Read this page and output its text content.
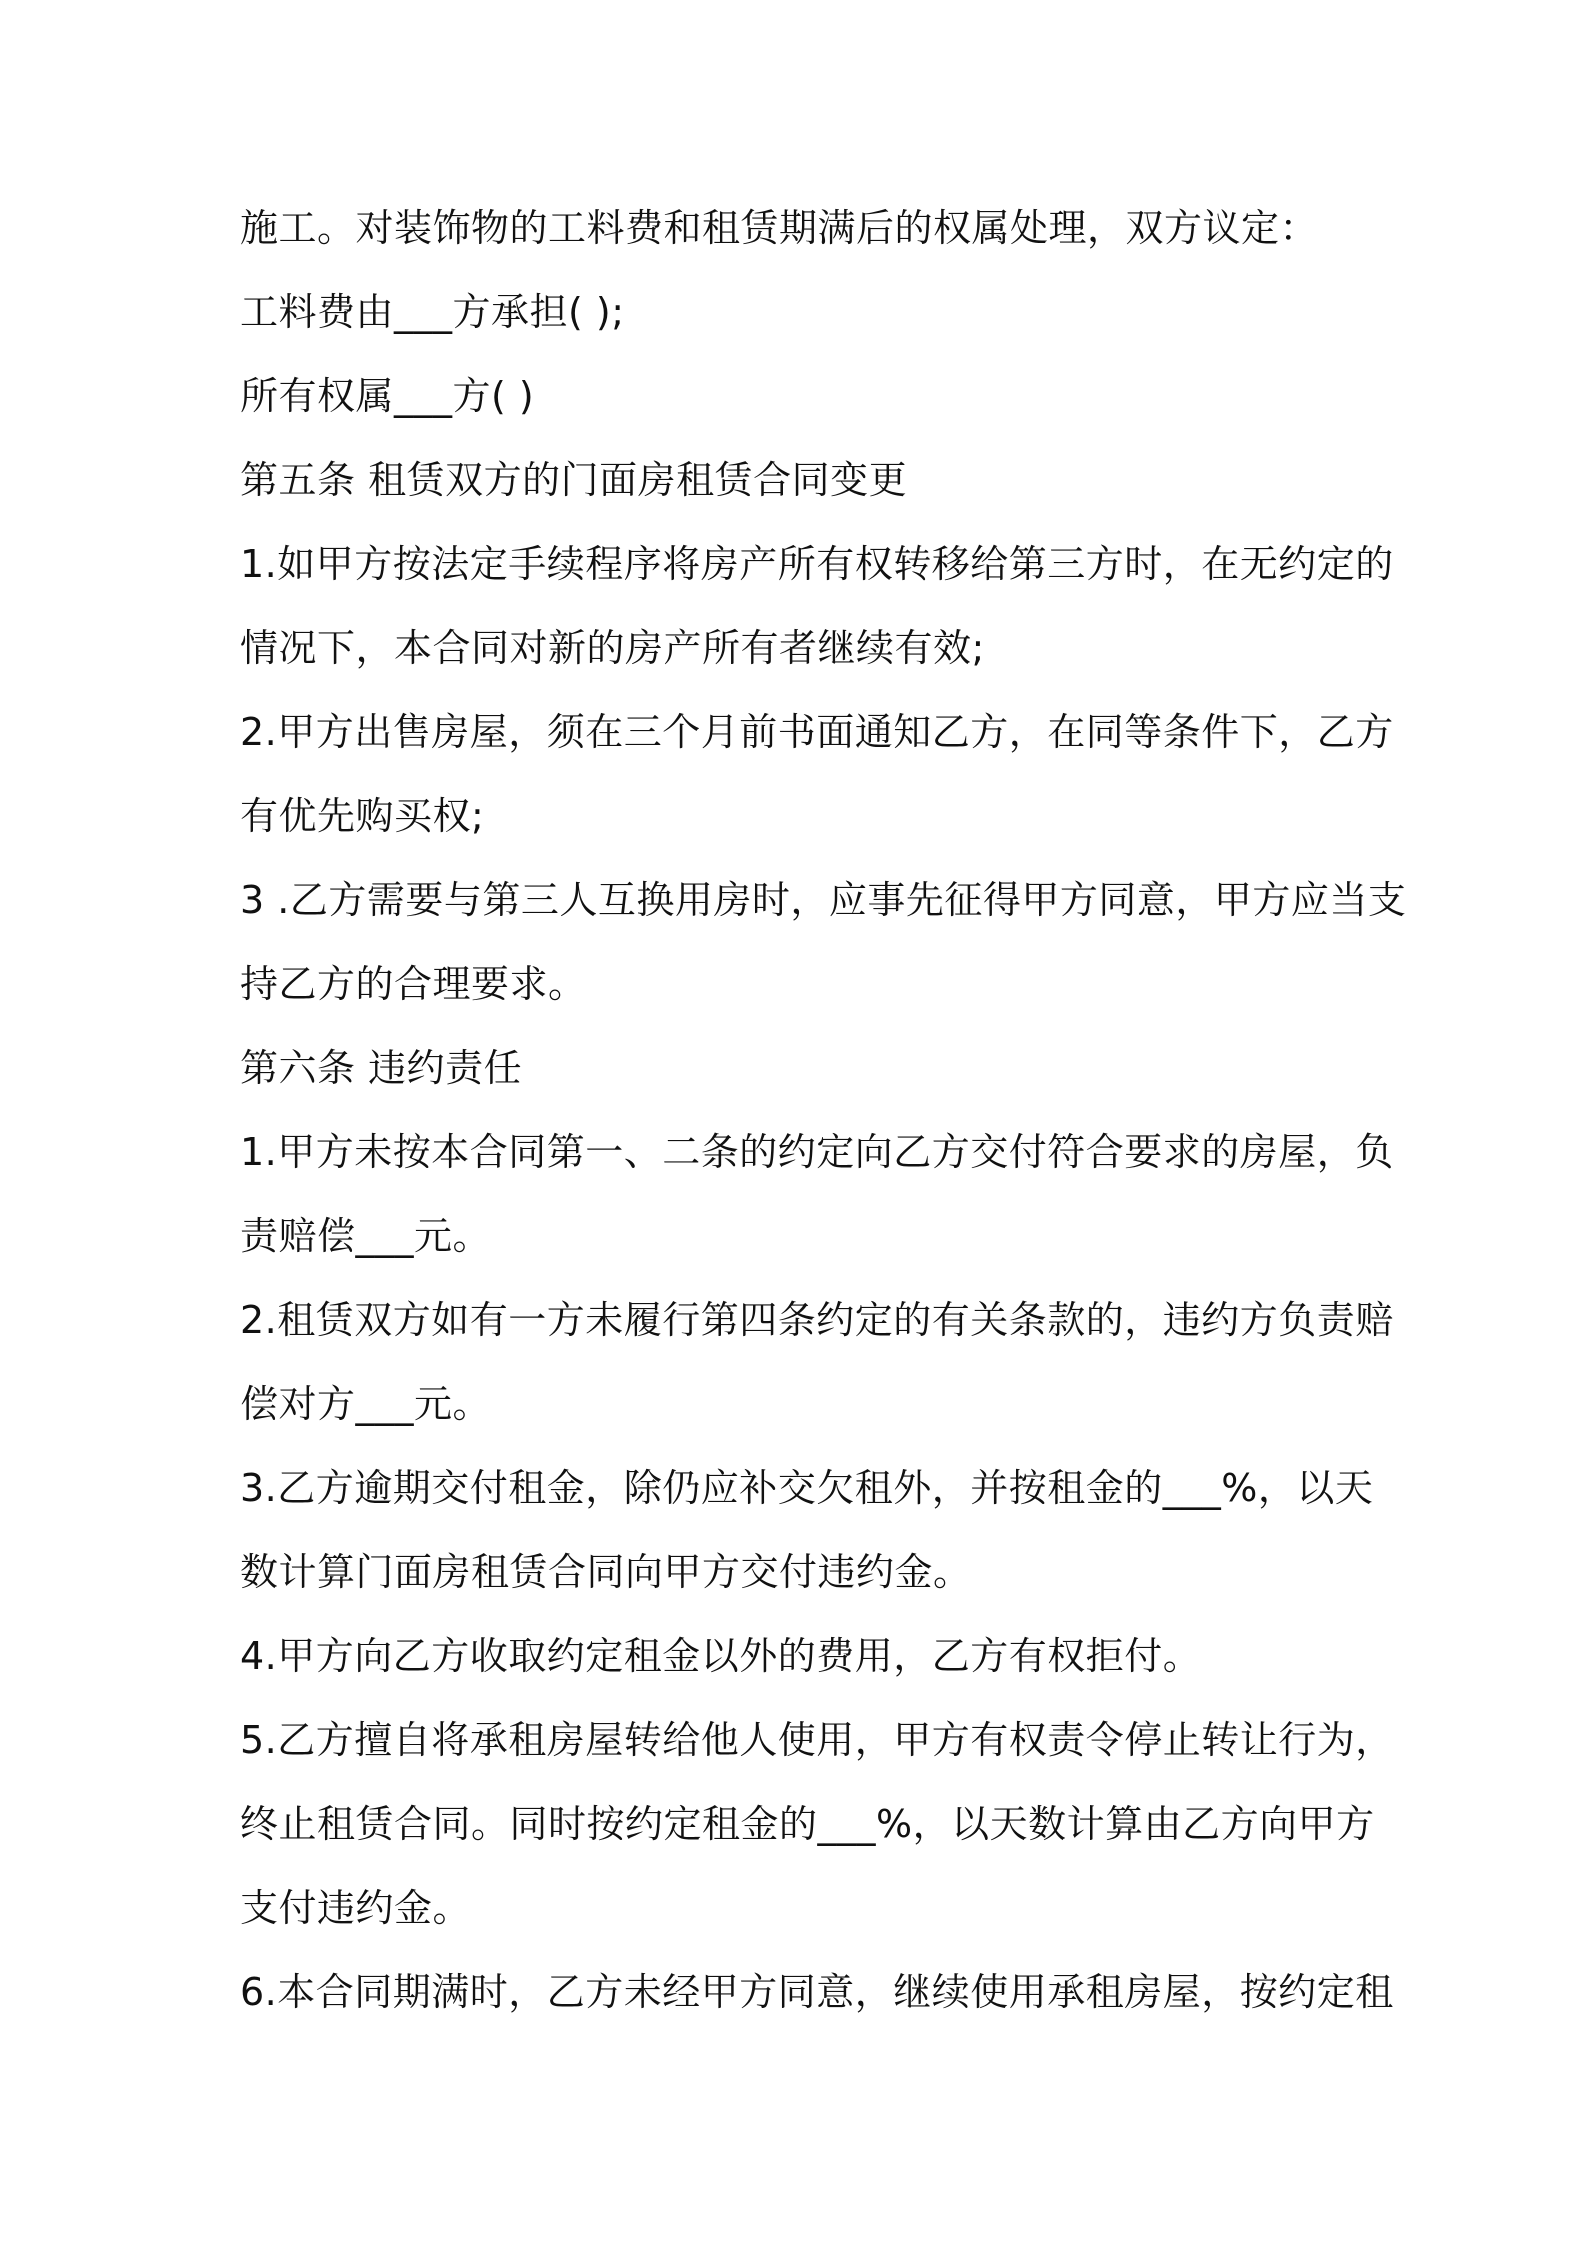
施工。对装饰物的工料费和租赁期满后的权属处理，双方议定：
工料费由___方承担( );
所有权属___方( )
第五条 租赁双方的门面房租赁合同变更
1.如甲方按法定手续程序将房产所有权转移给第三方时，在无约定的
情况下，本合同对新的房产所有者继续有效;
2.甲方出售房屋，须在三个月前书面通知乙方，在同等条件下，乙方
有优先购买权;
3 .乙方需要与第三人互换用房时，应事先征得甲方同意，甲方应当支
持乙方的合理要求。
第六条 违约责任
1.甲方未按本合同第一、二条的约定向乙方交付符合要求的房屋，负
责赔偿___元。
2.租赁双方如有一方未履行第四条约定的有关条款的，违约方负责赔
偿对方___元。
3.乙方逾期交付租金，除仍应补交欠租外，并按租金的___%，以天
数计算门面房租赁合同向甲方交付违约金。
4.甲方向乙方收取约定租金以外的费用，乙方有权拒付。
5.乙方擅自将承租房屋转给他人使用，甲方有权责令停止转让行为，
终止租赁合同。同时按约定租金的___%，以天数计算由乙方向甲方
支付违约金。
6.本合同期满时，乙方未经甲方同意，继续使用承租房屋，按约定租
